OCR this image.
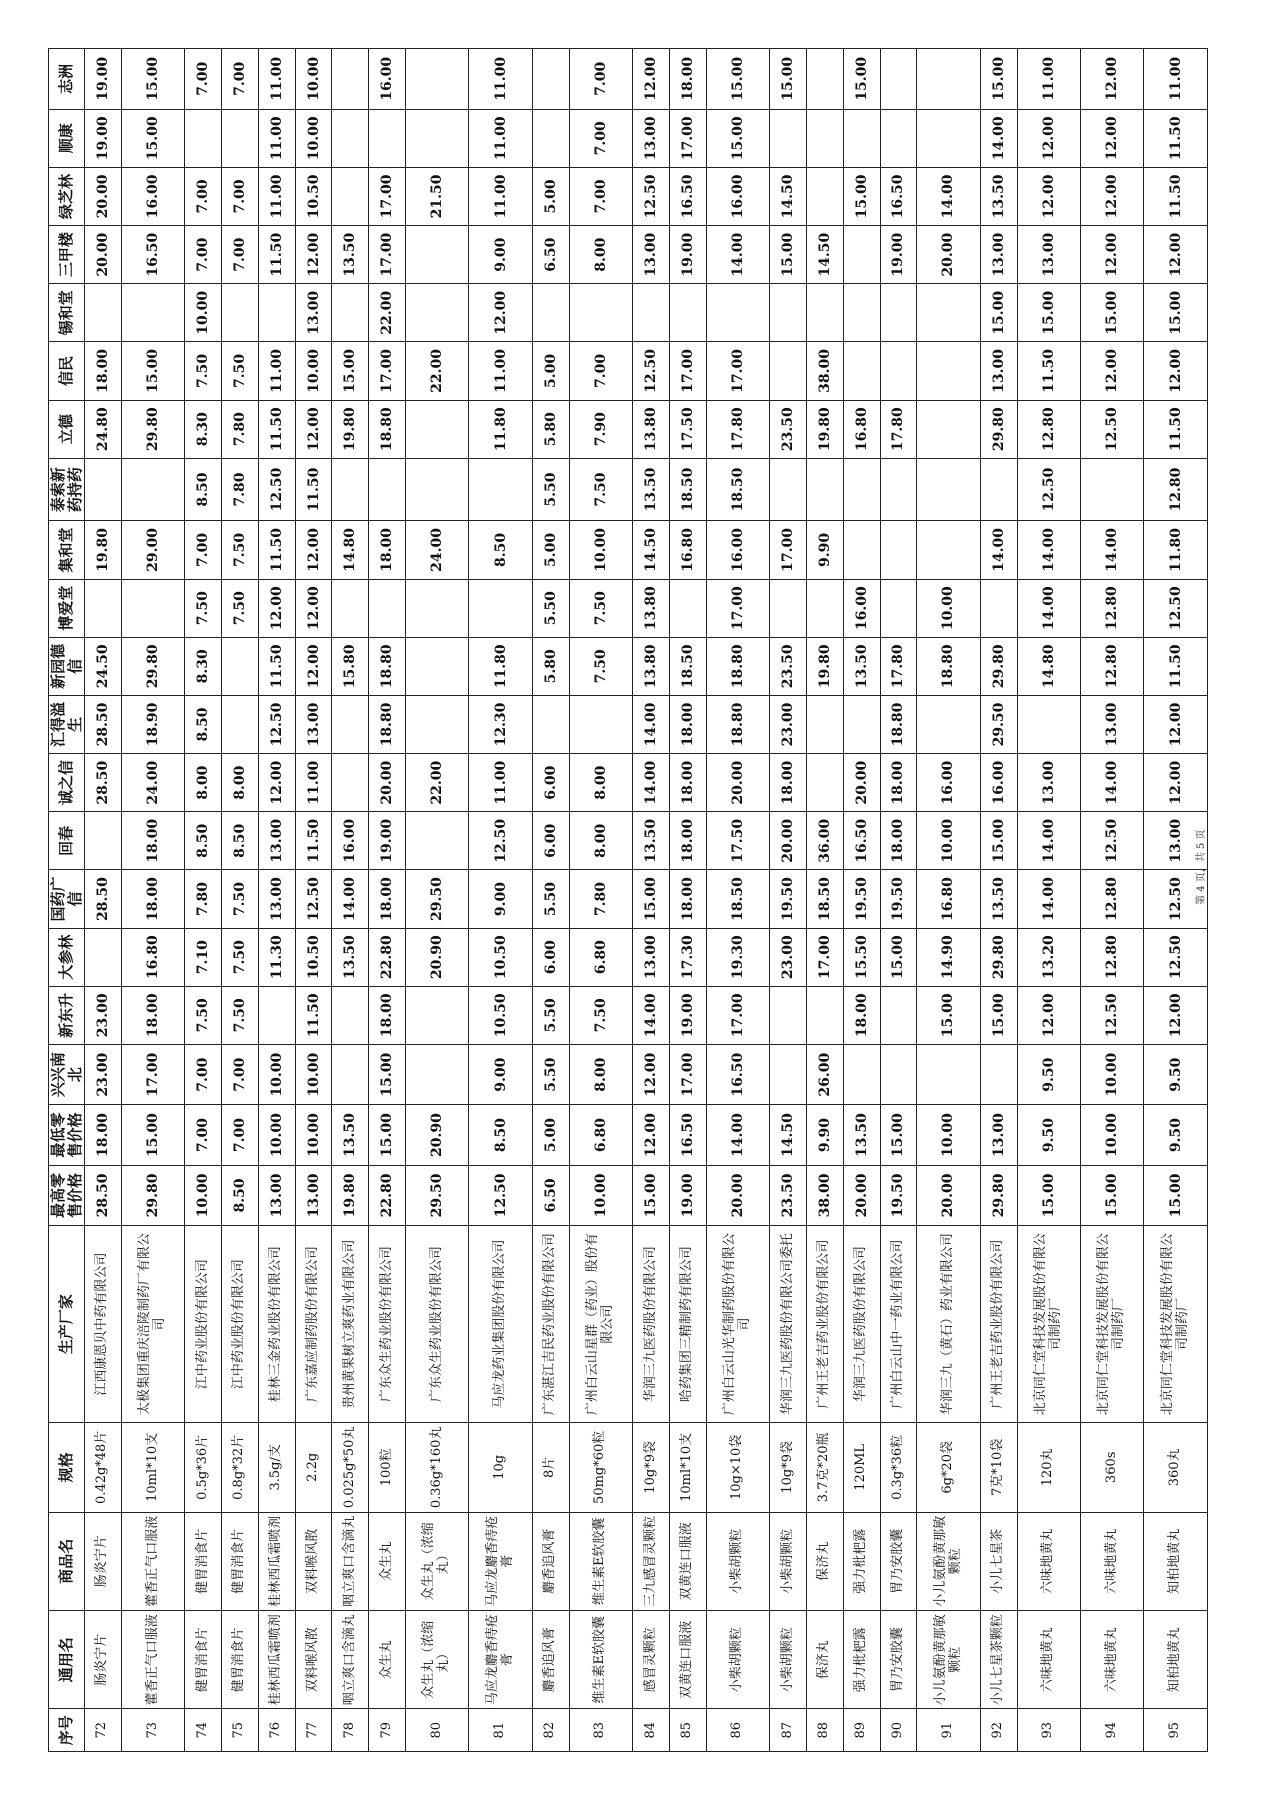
序号	通用名	商品名	规格	生产厂家	最高零售价格	最低零售价格	兴兴南北	新东升	大参林	国药广信	回春	诚之信	汇得溢生	新园德信	博爱堂	集和堂	泰索新药持药	立德	信民	锡和堂	三甲楼	绿芝林	顺康	志洲
72	肠炎宁片	肠炎宁片	0.42g*48片	江西康恩贝中药有限公司	28.50	18.00	23.00	23.00		28.50		28.50	28.50	24.50		19.80		24.80	18.00		20.00	20.00	19.00	19.00
73	藿香正气口服液	藿香正气口服液	10ml*10支	太极集团重庆涪陵制药厂有限公司	29.80	15.00	17.00	18.00	16.80	18.00	18.00	24.00	18.90	29.80		29.00		29.80	15.00		16.50	16.00	15.00	15.00
74	健胃消食片	健胃消食片	0.5g*36片	江中药业股份有限公司	10.00	7.00	7.00	7.50	7.10	7.80	8.50	8.00	8.50	8.30	7.50	7.00	8.50	8.30	7.50	10.00	7.00	7.00		7.00
75	健胃消食片	健胃消食片	0.8g*32片	江中药业股份有限公司	8.50	7.00	7.00	7.50	7.50	7.50	8.50	8.00			7.50	7.50	7.80	7.80	7.50		7.00	7.00		7.00
76	桂林西瓜霜喷剂	桂林西瓜霜喷剂	3.5g/支	桂林三金药业股份有限公司	13.00	10.00	10.00		11.30	13.00	13.00	12.00	12.50	11.50	12.00	11.50	12.50	11.50	11.00		11.50	11.00	11.00	11.00
77	双料喉风散	双料喉风散	2.2g	广东嘉应制药股份有限公司	13.00	10.00	10.00	11.50	10.50	12.50	11.50	11.00	13.00	12.00	12.00	12.00	11.50	12.00	10.00	13.00	12.00	10.50	10.00	10.00
78	咽立爽口含滴丸	咽立爽口含滴丸	0.025g*50丸	贵州黄果树立爽药业有限公司	19.80	13.50			13.50	14.00	16.00			15.80		14.80		19.80	15.00		13.50			
79	众生丸	众生丸	100粒	广东众生药业股份有限公司	22.80	15.00	15.00	18.00	22.80	18.00	19.00	20.00	18.80	18.80		18.00		18.80	17.00	22.00	17.00	17.00		16.00
80	众生丸（浓缩丸）	众生丸（浓缩丸）	0.36g*160丸	广东众生药业股份有限公司	29.50	20.90			20.90	29.50		22.00				24.00			22.00			21.50		
81	马应龙麝香痔疮膏	马应龙麝香痔疮膏	10g	马应龙药业集团股份有限公司	12.50	8.50	9.00	10.50	10.50	9.00	12.50	11.00	12.30	11.80		8.50		11.80	11.00	12.00	9.00	11.00	11.00	11.00
82	麝香追风膏	麝香追风膏	8片	广东湛江吉民药业股份有限公司	6.50	5.00	5.50	5.50	6.00	5.50	6.00	6.00		5.80	5.50	5.00	5.50	5.80	5.00		6.50	5.00		
83	维生素E软胶囊	维生素E软胶囊	50mg*60粒	广州白云山星群（药业）股份有限公司	10.00	6.80	8.00	7.50	6.80	7.80	8.00	8.00		7.50	7.50	10.00	7.50	7.90	7.00		8.00	7.00	7.00	7.00
84	感冒灵颗粒	三九感冒灵颗粒	10g*9袋	华润三九医药股份有限公司	15.00	12.00	12.00	14.00	13.00	15.00	13.50	14.00	14.00	13.80	13.80	14.50	13.50	13.80	12.50		13.00	12.50	13.00	12.00
85	双黄连口服液	双黄连口服液	10ml*10支	哈药集团三精制药有限公司	19.00	16.50	17.00	19.00	17.30	18.00	18.00	18.00	18.00	18.50		16.80	18.50	17.50	17.00		19.00	16.50	17.00	18.00
86	小柴胡颗粒	小柴胡颗粒	10g×10袋	广州白云山光华制药股份有限公司	20.00	14.00	16.50	17.00	19.30	18.50	17.50	20.00	18.80	18.80	17.00	16.00	18.50	17.80	17.00		14.00	16.00	15.00	15.00
87	小柴胡颗粒	小柴胡颗粒	10g*9袋	华润三九医药股份有限公司委托	23.50	14.50			23.00	19.50	20.00	18.00	23.00	23.50		17.00		23.50			15.00	14.50		15.00
88	保济丸	保济丸	3.7克*20瓶	广州王老吉药业股份有限公司	38.00	9.90	26.00		17.00	18.50	36.00			19.80		9.90		19.80	38.00		14.50			
89	强力枇杷露	强力枇杷露	120ML	华润三九医药股份有限公司	20.00	13.50		18.00	15.50	19.50	16.50	20.00		13.50	16.00			16.80				15.00		15.00
90	胃乃安胶囊	胃乃安胶囊	0.3g*36粒	广州白云山中一药业有限公司	19.50	15.00			15.00	19.50	18.00	18.00	18.80	17.80				17.80			19.00	16.50		
91	小儿氨酚黄那敏颗粒	小儿氨酚黄那敏颗粒	6g*20袋	华润三九（黄石）药业有限公司	20.00	10.00		15.00	14.90	16.80	10.00	16.00		18.80	10.00						20.00	14.00		
92	小儿七星茶颗粒	小儿七星茶	7克*10袋	广州王老吉药业股份有限公司	29.80	13.00		15.00	29.80	13.50	15.00	16.00	29.50	29.80		14.00		29.80	13.00	15.00	13.00	13.50	14.00	15.00
93	六味地黄丸	六味地黄丸	120丸	北京同仁堂科技发展股份有限公司制药厂	15.00	9.50	9.50	12.00	13.20	14.00	14.00	13.00		14.80	14.00	14.00	12.50	12.80	11.50	15.00	13.00	12.00	12.00	11.00
94	六味地黄丸	六味地黄丸	360s	北京同仁堂科技发展股份有限公司制药厂	15.00	10.00	10.00	12.50	12.80	12.80	12.50	14.00	13.00	12.80	12.80	14.00		12.50	12.00	15.00	12.00	12.00	12.00	12.00
95	知柏地黄丸	知柏地黄丸	360丸	北京同仁堂科技发展股份有限公司制药厂	15.00	9.50	9.50	12.00	12.50	12.50	13.00	12.00	12.00	11.50	12.50	11.80	12.80	11.50	12.00	15.00	12.00	11.50	11.50	11.00
第 4 页，共 5 页
